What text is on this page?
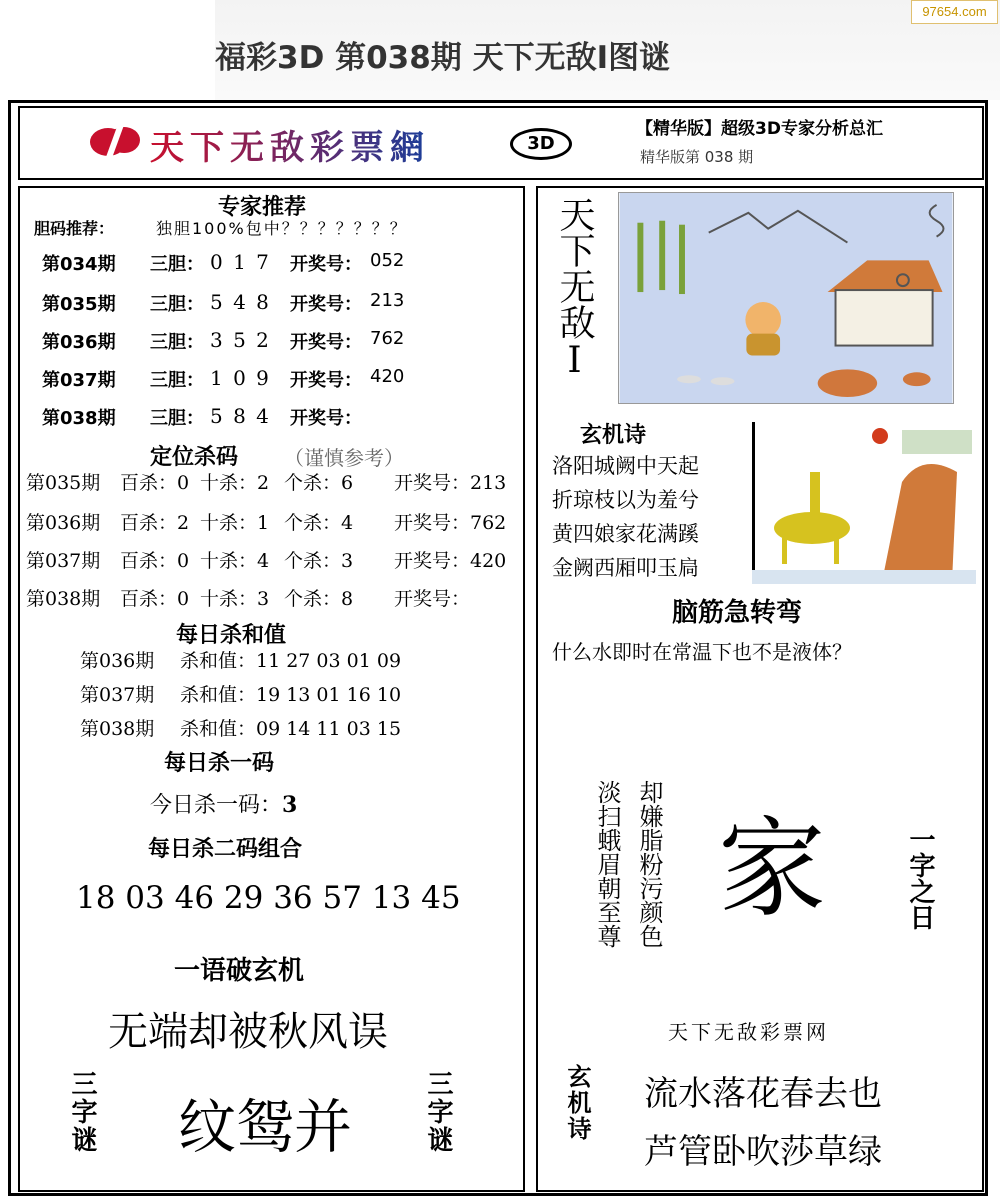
福彩3D 第038期 天下无敌Ⅰ图谜
97654.com
天下无敌彩票網	3D
【精华版】超级3D专家分析总汇
精华版第 038 期
专家推荐
胆码推荐：	独胆100%包中？？？？？？？
第034期 三胆： 0 1 7 开奖号： 052
第035期 三胆： 5 4 8 开奖号： 213
第036期 三胆： 3 5 2 开奖号： 762
第037期 三胆： 1 0 9 开奖号： 420
第038期 三胆： 5 8 4 开奖号：
定位杀码 （谨慎参考）
第035期 百杀：0 十杀：2 个杀：6 开奖号：213
第036期 百杀：2 十杀：1 个杀：4 开奖号：762
第037期 百杀：0 十杀：4 个杀：3 开奖号：420
第038期 百杀：0 十杀：3 个杀：8 开奖号：
每日杀和值
第036期 杀和值：11 27 03 01 09
第037期 杀和值：19 13 01 16 10
第038期 杀和值：09 14 11 03 15
每日杀一码
今日杀一码：3
每日杀二码组合
18 03 46 29 36 57 13 45
一语破玄机
无端却被秋风误
三字谜 纹鸳并	三字谜
天下无敌Ⅰ
玄机诗
洛阳城阙中天起
折琼枝以为羞兮
黄四娘家花满蹊
金阙西厢叩玉扃
脑筋急转弯
什么水即时在常温下也不是液体？
淡扫蛾眉朝至尊 却嫌脂粉污颜色 家	一字之日
天下无敌彩票网
玄机诗 流水落花春去也
芦管卧吹莎草绿
